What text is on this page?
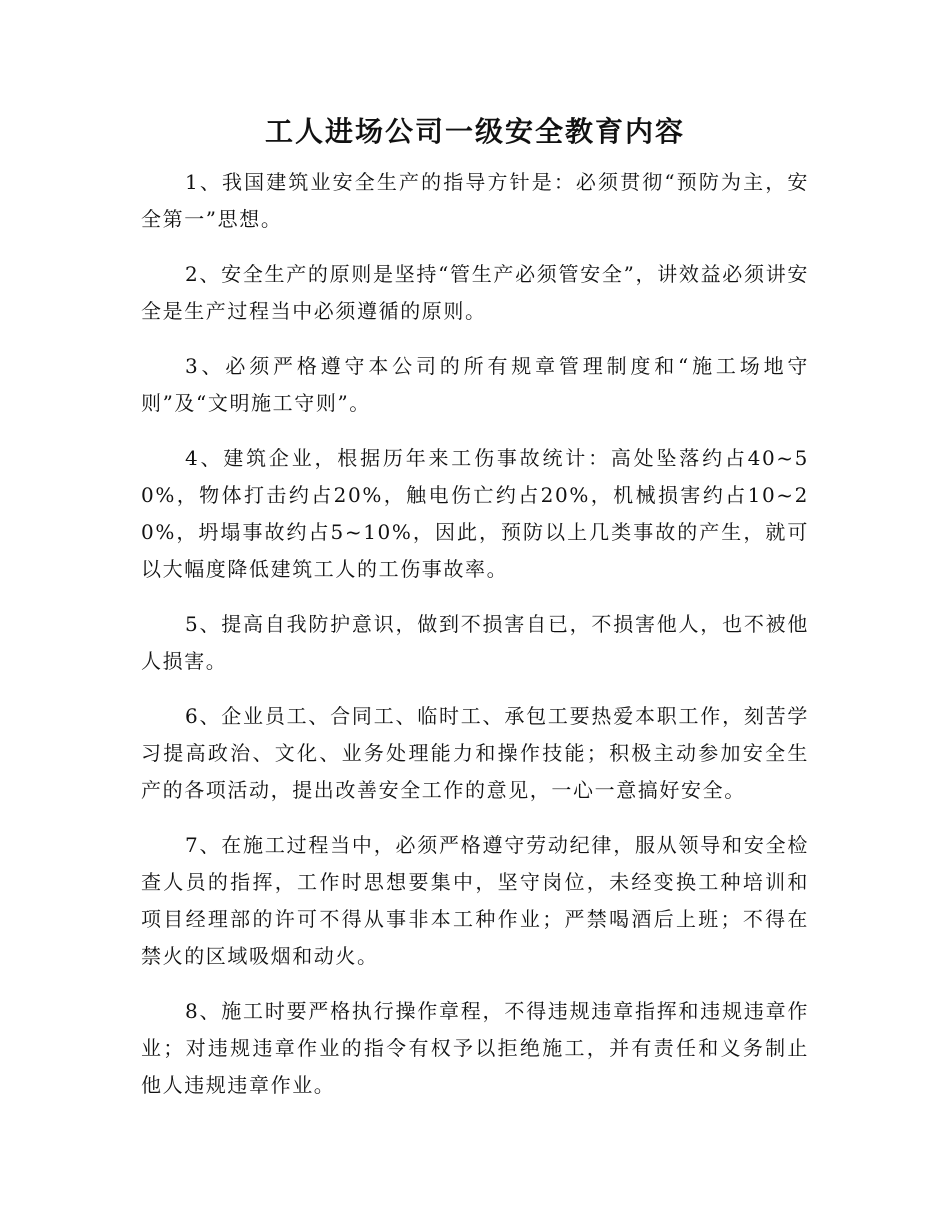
工人进场公司一级安全教育内容

1、我国建筑业安全生产的指导方针是：必须贯彻“预防为主，安全第一”思想。

2、安全生产的原则是坚持“管生产必须管安全”，讲效益必须讲安全是生产过程当中必须遵循的原则。

3、必须严格遵守本公司的所有规章管理制度和“施工场地守则”及“文明施工守则”。

4、建筑企业，根据历年来工伤事故统计：高处坠落约占40~50%，物体打击约占20%，触电伤亡约占20%，机械损害约占10~20%，坍塌事故约占5~10%，因此，预防以上几类事故的产生，就可以大幅度降低建筑工人的工伤事故率。

5、提高自我防护意识，做到不损害自已，不损害他人，也不被他人损害。

6、企业员工、合同工、临时工、承包工要热爱本职工作，刻苦学习提高政治、文化、业务处理能力和操作技能；积极主动参加安全生产的各项活动，提出改善安全工作的意见，一心一意搞好安全。

7、在施工过程当中，必须严格遵守劳动纪律，服从领导和安全检查人员的指挥，工作时思想要集中，坚守岗位，未经变换工种培训和项目经理部的许可不得从事非本工种作业；严禁喝酒后上班；不得在禁火的区域吸烟和动火。

8、施工时要严格执行操作章程，不得违规违章指挥和违规违章作业；对违规违章作业的指令有权予以拒绝施工，并有责任和义务制止他人违规违章作业。
